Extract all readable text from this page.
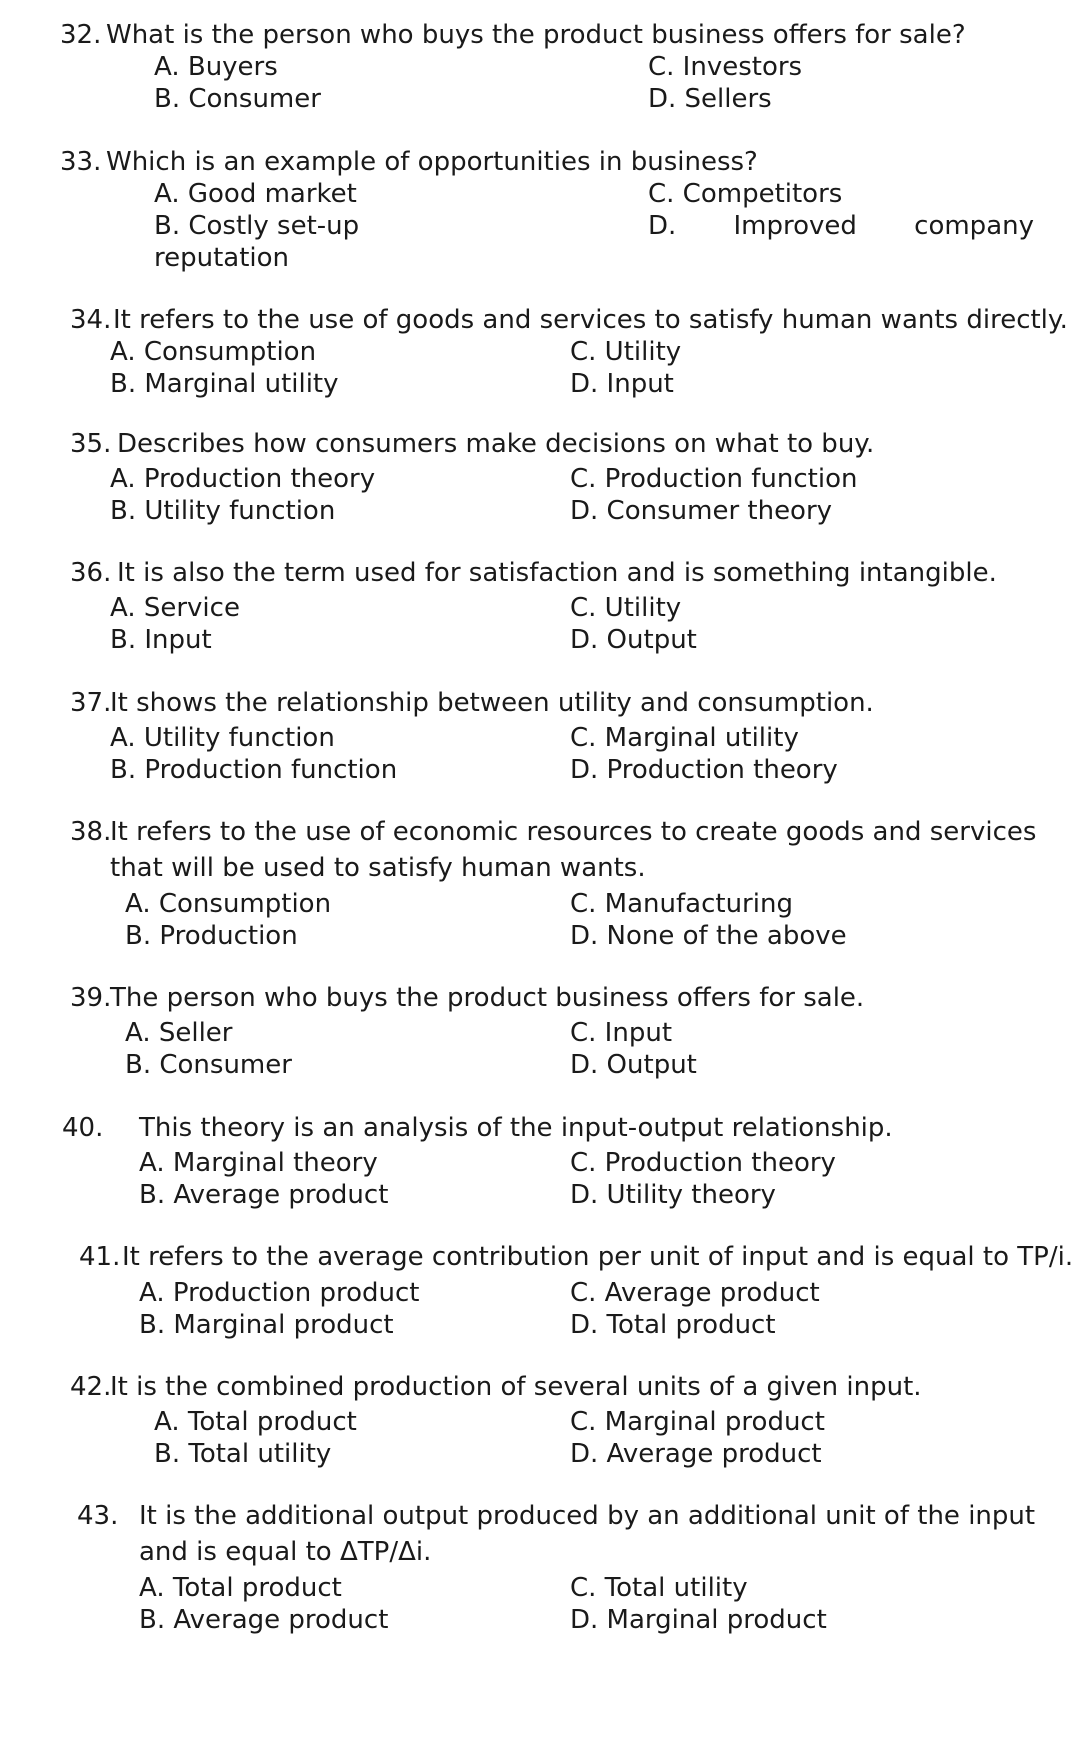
32. What is the person who buys the product business offers for sale?
A. Buyers
B. Consumer
C. Investors
D. Sellers
33. Which is an example of opportunities in business?
A. Good market
B. Costly set-up
C. Competitors
D. Improved company
reputation
34. It refers to the use of goods and services to satisfy human wants directly.
A. Consumption
B. Marginal utility
C. Utility
D. Input
35. Describes how consumers make decisions on what to buy.
A. Production theory
B. Utility function
C. Production function
D. Consumer theory
36. It is also the term used for satisfaction and is something intangible.
A. Service
B. Input
C. Utility
D. Output
37.
It shows the relationship between utility and consumption.
A. Utility function
B. Production function
C. Marginal utility
D. Production theory
38.
It refers to the use of economic resources to create goods and services
that will be used to satisfy human wants.
A. Consumption
B. Production
C. Manufacturing
D. None of the above
39.
The person who buys the product business offers for sale.
A. Seller
B. Consumer
C. Input
D. Output
40. This theory is an analysis of the input-output relationship.
A. Marginal theory
B. Average product
C. Production theory
D. Utility theory
41. It refers to the average contribution per unit of input and is equal to TP/i.
A. Production product
B. Marginal product
C. Average product
D. Total product
42.
It is the combined production of several units of a given input.
A. Total product
B. Total utility
C. Marginal product
D. Average product
43. It is the additional output produced by an additional unit of the input
and is equal to ΔTP/Δi.
A. Total product
B. Average product
C. Total utility
D. Marginal product
